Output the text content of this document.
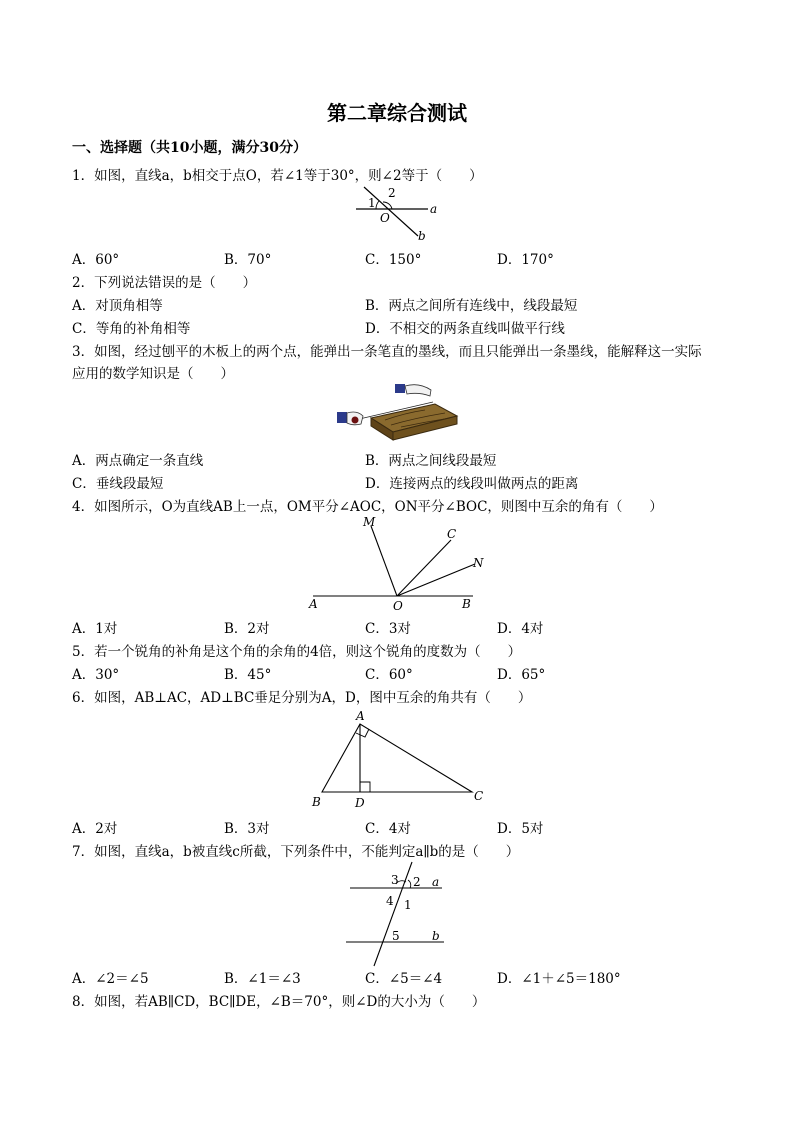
第二章综合测试
一、选择题（共10小题，满分30分）
1．如图，直线a，b相交于点O，若∠1等于30°，则∠2等于（　　）
1
2
O
a
b
A．60°	B．70°	C．150°	D．170°
2．下列说法错误的是（　　）
A．对顶角相等	B．两点之间所有连线中，线段最短
C．等角的补角相等	D．不相交的两条直线叫做平行线
3．如图，经过刨平的木板上的两个点，能弹出一条笔直的墨线，而且只能弹出一条墨线，能解释这一实际
应用的数学知识是（　　）
A．两点确定一条直线	B．两点之间线段最短
C．垂线段最短	D．连接两点的线段叫做两点的距离
4．如图所示，O为直线AB上一点，OM平分∠AOC，ON平分∠BOC，则图中互余的角有（　　）
M
C
N
A	O	B
A．1对	B．2对	C．3对	D．4对
5．若一个锐角的补角是这个角的余角的4倍，则这个锐角的度数为（　　）
A．30°	B．45°	C．60°	D．65°
6．如图，AB⊥AC，AD⊥BC垂足分别为A，D，图中互余的角共有（　　）
A
B	D	C
A．2对	B．3对	C．4对	D．5对
7．如图，直线a，b被直线c所截，下列条件中，不能判定a∥b的是（　　）
3 2 a
4 1
5	b
A．∠2＝∠5	B．∠1＝∠3	C．∠5＝∠4	D．∠1＋∠5＝180°
8．如图，若AB∥CD，BC∥DE，∠B＝70°，则∠D的大小为（　　）
